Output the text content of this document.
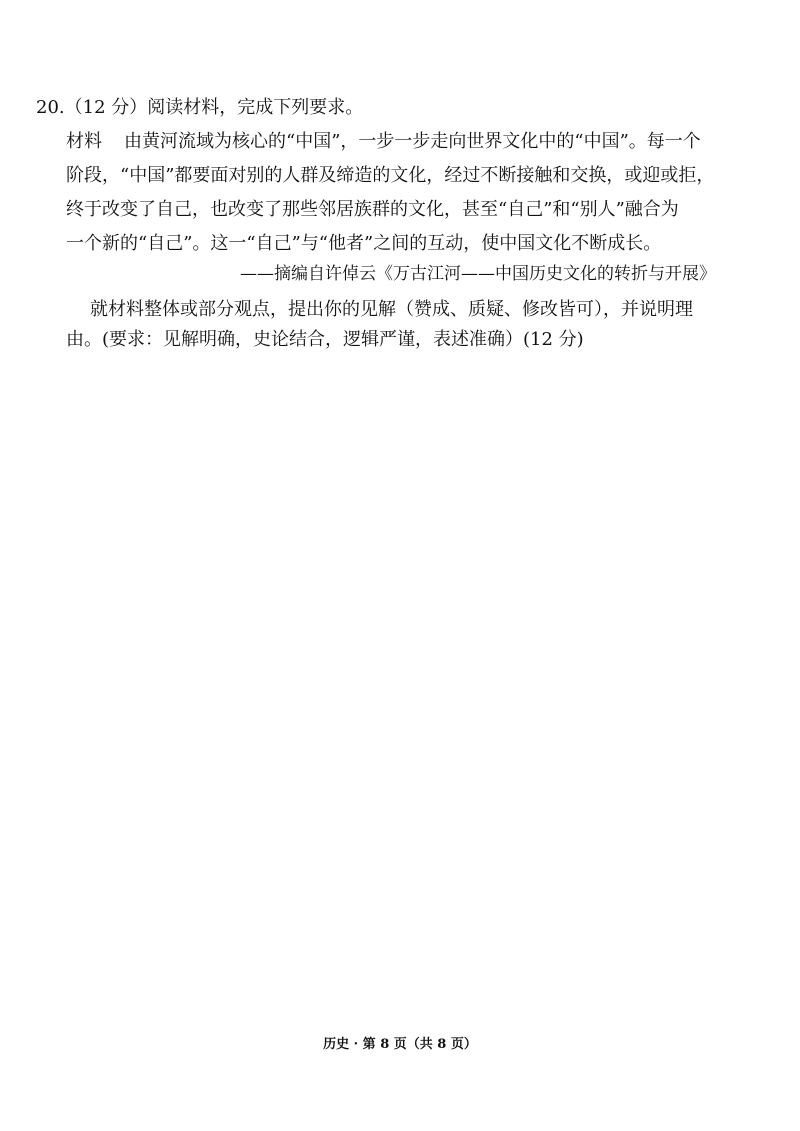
20.（12 分）阅读材料，完成下列要求。
材料 由黄河流域为核心的“中国”，一步一步走向世界文化中的“中国”。每一个
阶段，“中国”都要面对别的人群及缔造的文化，经过不断接触和交换，或迎或拒，
终于改变了自己，也改变了那些邻居族群的文化，甚至“自己”和“别人”融合为
一个新的“自己”。这一“自己”与“他者”之间的互动，使中国文化不断成长。
——摘编自许倬云《万古江河——中国历史文化的转折与开展》
就材料整体或部分观点，提出你的见解（赞成、质疑、修改皆可），并说明理
由。(要求：见解明确，史论结合，逻辑严谨，表述准确）(12 分)
历史 · 第 8 页（共 8 页）
